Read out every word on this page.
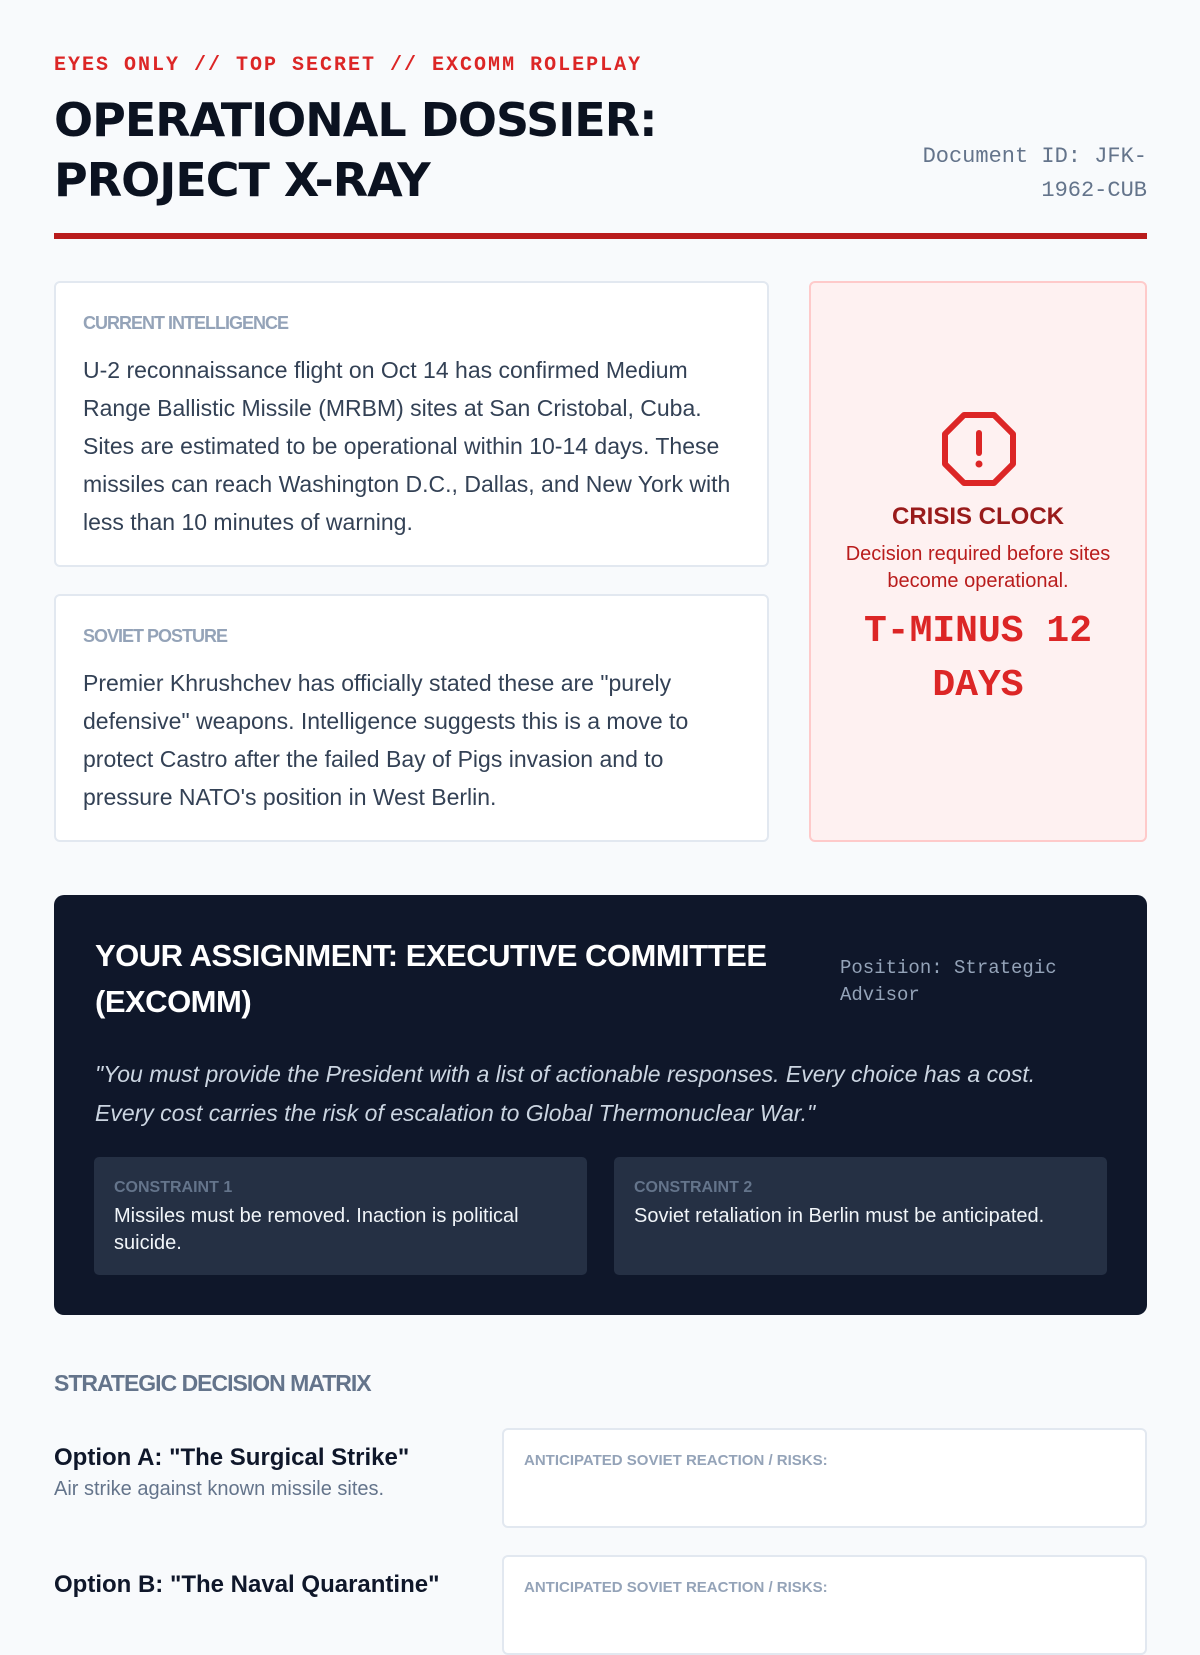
EYES ONLY // TOP SECRET // EXCOMM ROLEPLAY
OPERATIONAL DOSSIER:
PROJECT X-RAY	Document ID: JFK-1962-CUB
CURRENT INTELLIGENCE

U-2 reconnaissance flight on Oct 14 has confirmed Medium Range Ballistic Missile (MRBM) sites at San Cristobal, Cuba. Sites are estimated to be operational within 10-14 days. These missiles can reach Washington D.C., Dallas, and New York with less than 10 minutes of warning.

SOVIET POSTURE

Premier Khrushchev has officially stated these are "purely defensive" weapons. Intelligence suggests this is a move to protect Castro after the failed Bay of Pigs invasion and to pressure NATO's position in West Berlin.

CRISIS CLOCK
Decision required before sites become operational.
T-MINUS 12 DAYS
YOUR ASSIGNMENT: EXECUTIVE COMMITTEE (EXCOMM)
Position: Strategic Advisor

"You must provide the President with a list of actionable responses. Every choice has a cost. Every cost carries the risk of escalation to Global Thermonuclear War."

CONSTRAINT 1
Missiles must be removed. Inaction is political suicide.
CONSTRAINT 2
Soviet retaliation in Berlin must be anticipated.
STRATEGIC DECISION MATRIX
Option A: "The Surgical Strike"
Air strike against known missile sites.
ANTICIPATED SOVIET REACTION / RISKS:
Option B: "The Naval Quarantine"	ANTICIPATED SOVIET REACTION / RISKS:
